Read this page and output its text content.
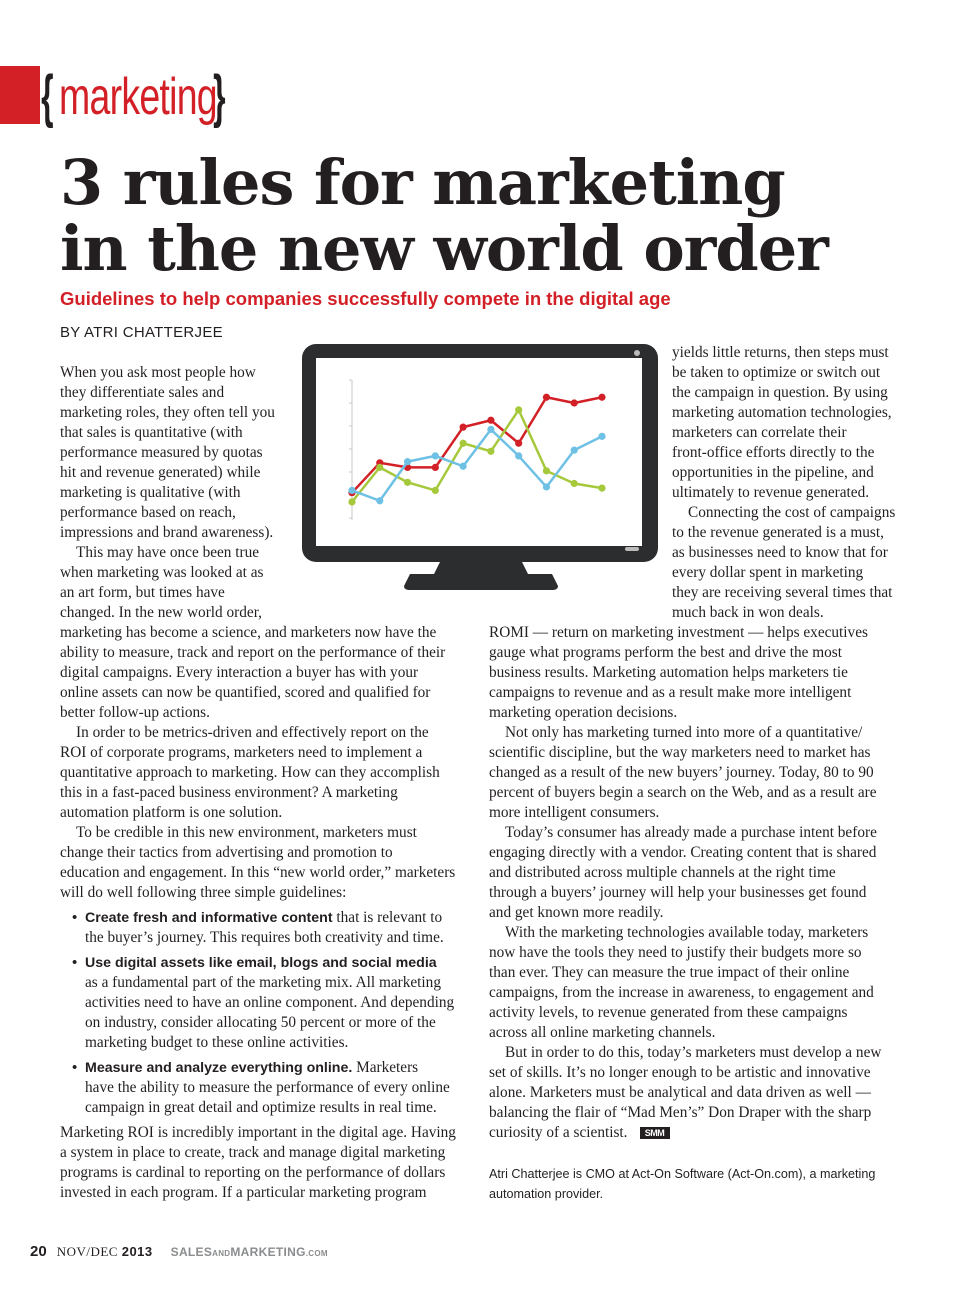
{ marketing
}
3 rules for marketing
in the new world order
Guidelines to help companies successfully compete in the digital age
BY ATRI CHATTERJEE
When you ask most people how
they differentiate sales and
marketing roles, they often tell you
that sales is quantitative (with
performance measured by quotas
hit and revenue generated) while
marketing is qualitative (with
performance based on reach,
impressions and brand awareness).
This may have once been true
when marketing was looked at as
an art form, but times have
changed. In the new world order,
marketing has become a science, and marketers now have the
ability to measure, track and report on the performance of their
digital campaigns. Every interaction a buyer has with your
online assets can now be quantified, scored and qualified for
better follow-up actions.
In order to be metrics-driven and effectively report on the
ROI of corporate programs, marketers need to implement a
quantitative approach to marketing. How can they accomplish
this in a fast-paced business environment? A marketing
automation platform is one solution.
To be credible in this new environment, marketers must
change their tactics from advertising and promotion to
education and engagement. In this “new world order,” marketers
will do well following three simple guidelines:
• Create fresh and informative content that is relevant to
the buyer’s journey. This requires both creativity and time.
• Use digital assets like email, blogs and social media
as a fundamental part of the marketing mix. All marketing
activities need to have an online component. And depending
on industry, consider allocating 50 percent or more of the
marketing budget to these online activities.
• Measure and analyze everything online. Marketers
have the ability to measure the performance of every online
campaign in great detail and optimize results in real time.
Marketing ROI is incredibly important in the digital age. Having
a system in place to create, track and manage digital marketing
programs is cardinal to reporting on the performance of dollars
invested in each program. If a particular marketing program
yields little returns, then steps must
be taken to optimize or switch out
the campaign in question. By using
marketing automation technologies,
marketers can correlate their
front-office efforts directly to the
opportunities in the pipeline, and
ultimately to revenue generated.
Connecting the cost of campaigns
to the revenue generated is a must,
as businesses need to know that for
every dollar spent in marketing
they are receiving several times that
much back in won deals.
ROMI — return on marketing investment — helps executives
gauge what programs perform the best and drive the most
business results. Marketing automation helps marketers tie
campaigns to revenue and as a result make more intelligent
marketing operation decisions.
Not only has marketing turned into more of a quantitative/
scientific discipline, but the way marketers need to market has
changed as a result of the new buyers’ journey. Today, 80 to 90
percent of buyers begin a search on the Web, and as a result are
more intelligent consumers.
Today’s consumer has already made a purchase intent before
engaging directly with a vendor. Creating content that is shared
and distributed across multiple channels at the right time
through a buyers’ journey will help your businesses get found
and get known more readily.
With the marketing technologies available today, marketers
now have the tools they need to justify their budgets more so
than ever. They can measure the true impact of their online
campaigns, from the increase in awareness, to engagement and
activity levels, to revenue generated from these campaigns
across all online marketing channels.
But in order to do this, today’s marketers must develop a new
set of skills. It’s no longer enough to be artistic and innovative
alone. Marketers must be analytical and data driven as well —
balancing the flair of “Mad Men’s” Don Draper with the sharp
curiosity of a scientist. SMM
Atri Chatterjee is CMO at Act-On Software (Act-On.com), a marketing
automation provider.
20 NOV/DEC 2013 SALESANDMARKETING.COM
